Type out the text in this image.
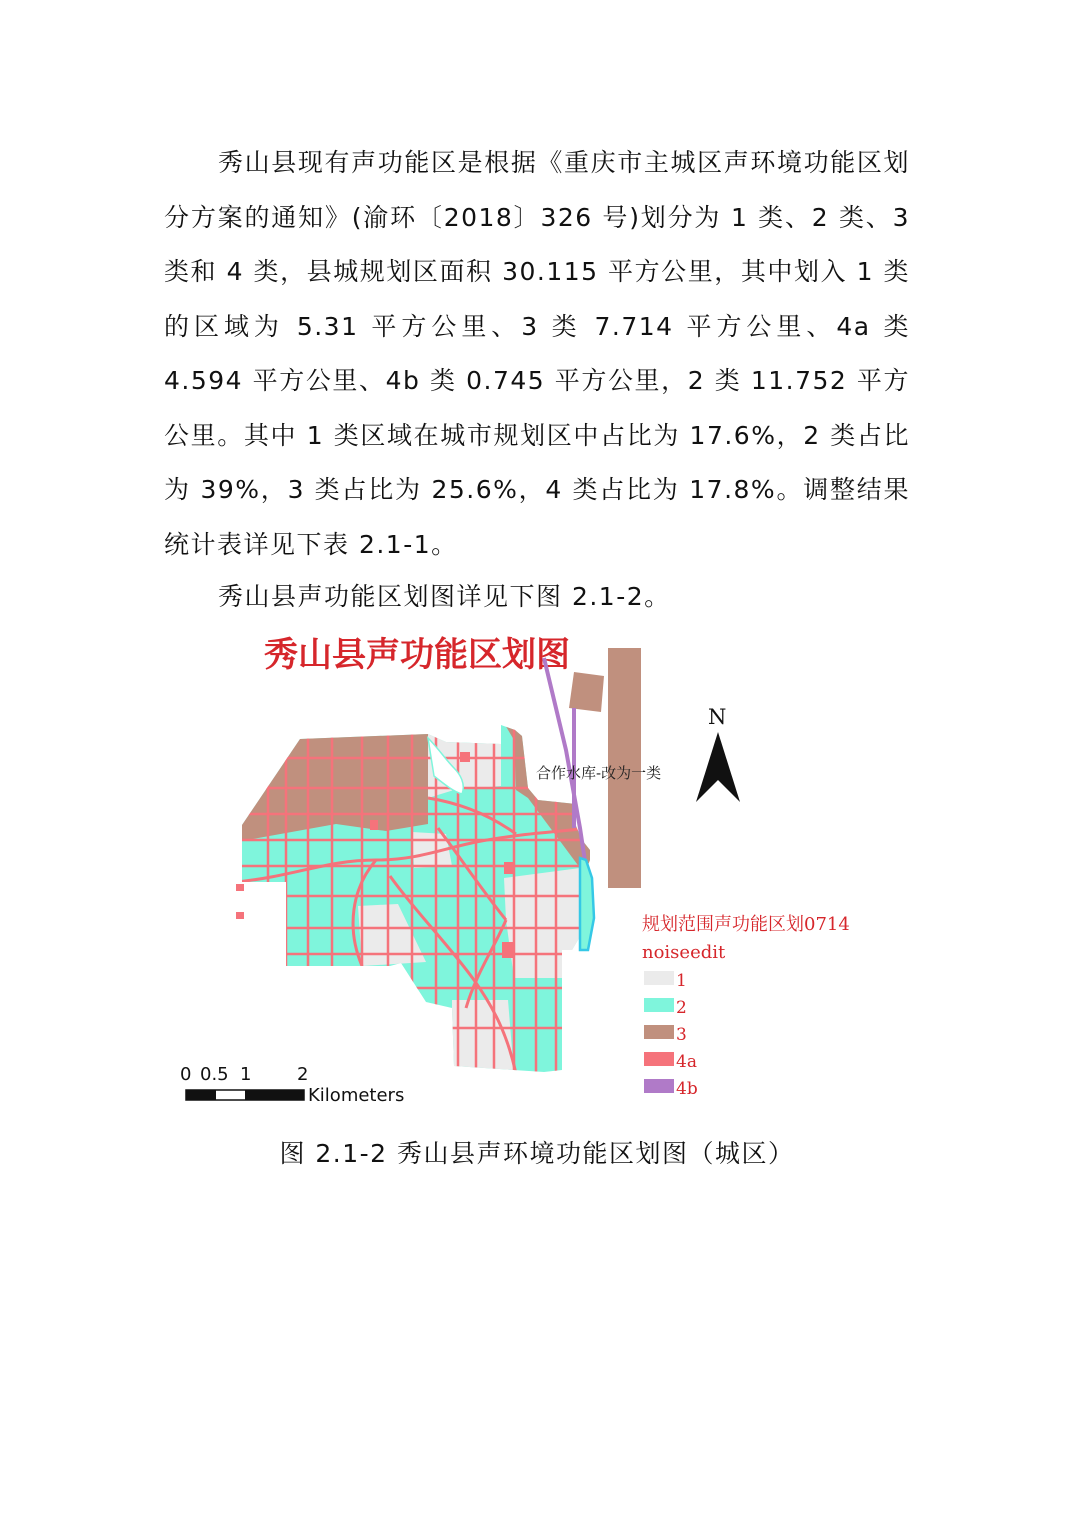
秀山县现有声功能区是根据《重庆市主城区声环境功能区划分方案的通知》(渝环〔2018〕326 号)划分为 1 类、2 类、3 类和 4 类，县城规划区面积 30.115 平方公里，其中划入 1 类的区域为 5.31 平方公里、3 类 7.714 平方公里、4a 类 4.594 平方公里、4b 类 0.745 平方公里，2 类 11.752 平方公里。其中 1 类区域在城市规划区中占比为 17.6%，2 类占比为 39%，3 类占比为 25.6%，4 类占比为 17.8%。调整结果统计表详见下表 2.1-1。

秀山县声功能区划图详见下图 2.1-2。

秀山县声功能区划图
合作水库-改为一类
N
规划范围声功能区划0714
noiseedit
1
2
3
4a
4b
0 0.5 1	2
Kilometers

图 2.1-2 秀山县声环境功能区划图（城区）
